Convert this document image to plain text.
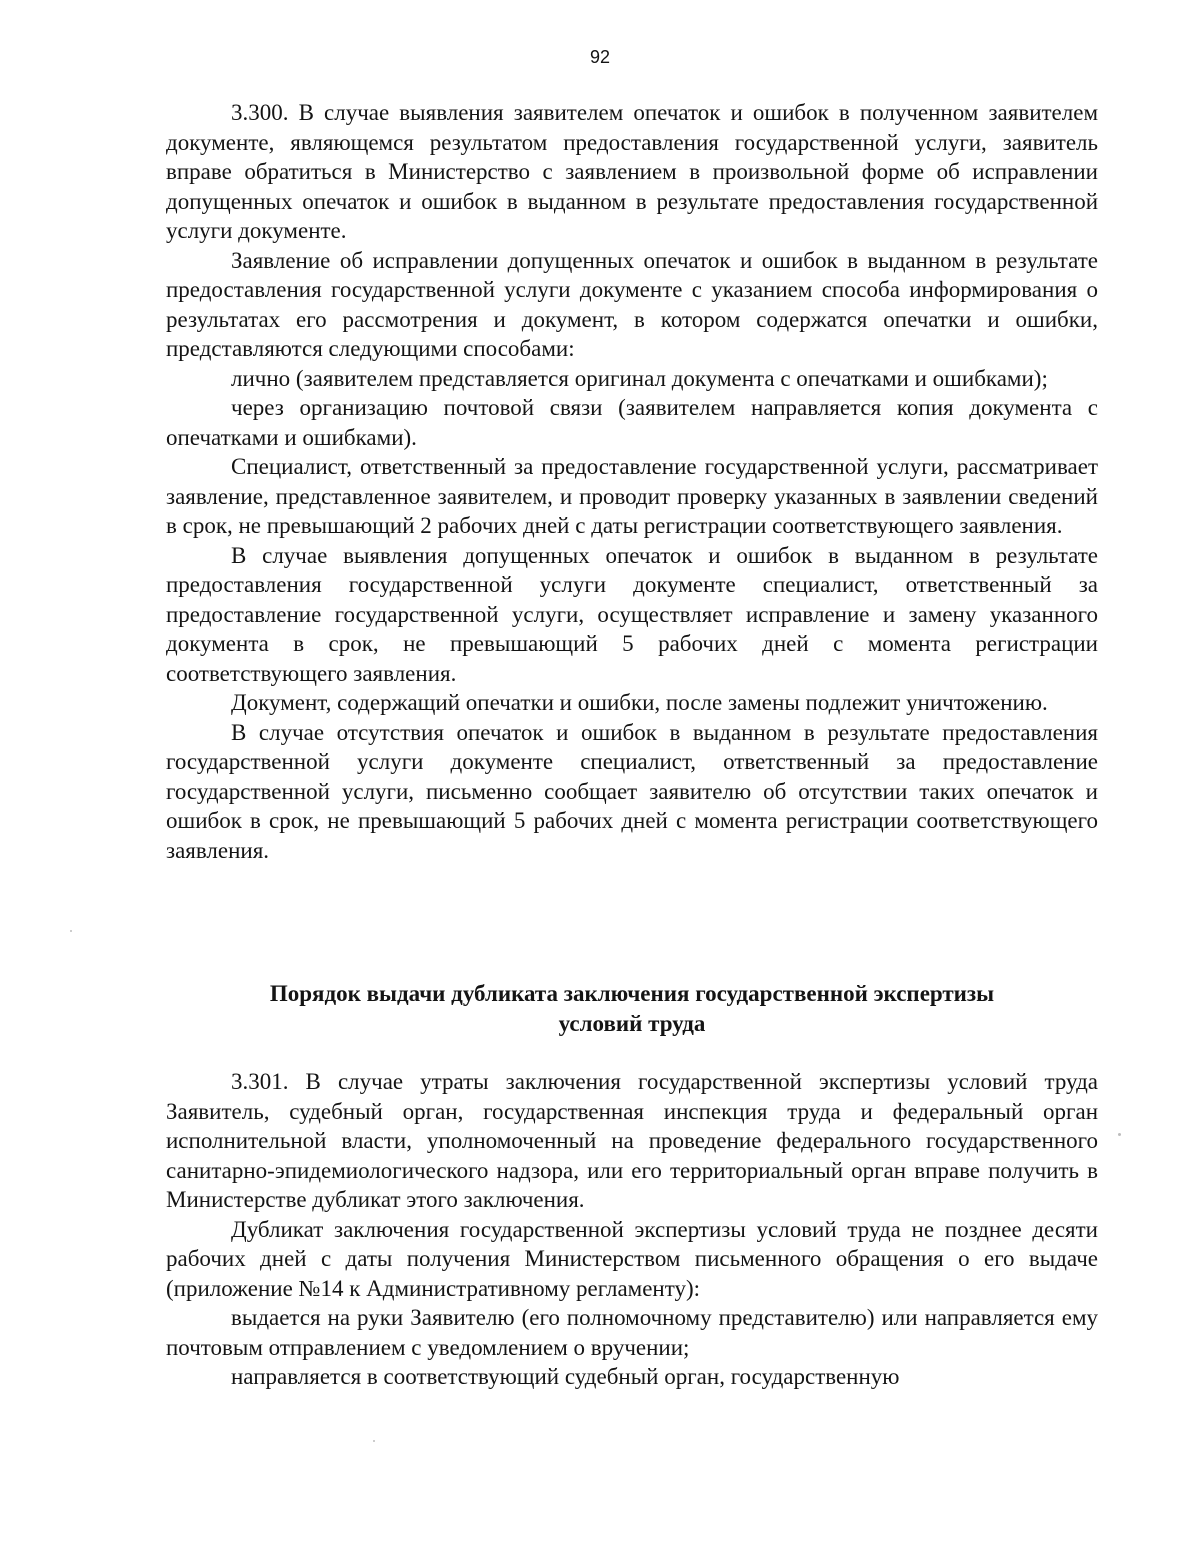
92

3.300. В случае выявления заявителем опечаток и ошибок в полученном заявителем документе, являющемся результатом предоставления государственной услуги, заявитель вправе обратиться в Министерство с заявлением в произвольной форме об исправлении допущенных опечаток и ошибок в выданном в результате предоставления государственной услуги документе.

Заявление об исправлении допущенных опечаток и ошибок в выданном в результате предоставления государственной услуги документе с указанием способа информирования о результатах его рассмотрения и документ, в котором содержатся опечатки и ошибки, представляются следующими способами:

лично (заявителем представляется оригинал документа с опечатками и ошибками);

через организацию почтовой связи (заявителем направляется копия документа с опечатками и ошибками).

Специалист, ответственный за предоставление государственной услуги, рассматривает заявление, представленное заявителем, и проводит проверку указанных в заявлении сведений в срок, не превышающий 2 рабочих дней с даты регистрации соответствующего заявления.

В случае выявления допущенных опечаток и ошибок в выданном в результате предоставления государственной услуги документе специалист, ответственный за предоставление государственной услуги, осуществляет исправление и замену указанного документа в срок, не превышающий 5 рабочих дней с момента регистрации соответствующего заявления.

Документ, содержащий опечатки и ошибки, после замены подлежит уничтожению.

В случае отсутствия опечаток и ошибок в выданном в результате предоставления государственной услуги документе специалист, ответственный за предоставление государственной услуги, письменно сообщает заявителю об отсутствии таких опечаток и ошибок в срок, не превышающий 5 рабочих дней с момента регистрации соответствующего заявления.

Порядок выдачи дубликата заключения государственной экспертизы
условий труда

3.301. В случае утраты заключения государственной экспертизы условий труда Заявитель, судебный орган, государственная инспекция труда и федеральный орган исполнительной власти, уполномоченный на проведение федерального государственного санитарно-эпидемиологического надзора, или его территориальный орган вправе получить в Министерстве дубликат этого заключения.

Дубликат заключения государственной экспертизы условий труда не позднее десяти рабочих дней с даты получения Министерством письменного обращения о его выдаче (приложение №14 к Административному регламенту):

выдается на руки Заявителю (его полномочному представителю) или направляется ему почтовым отправлением с уведомлением о вручении;

направляется в соответствующий судебный орган, государственную
